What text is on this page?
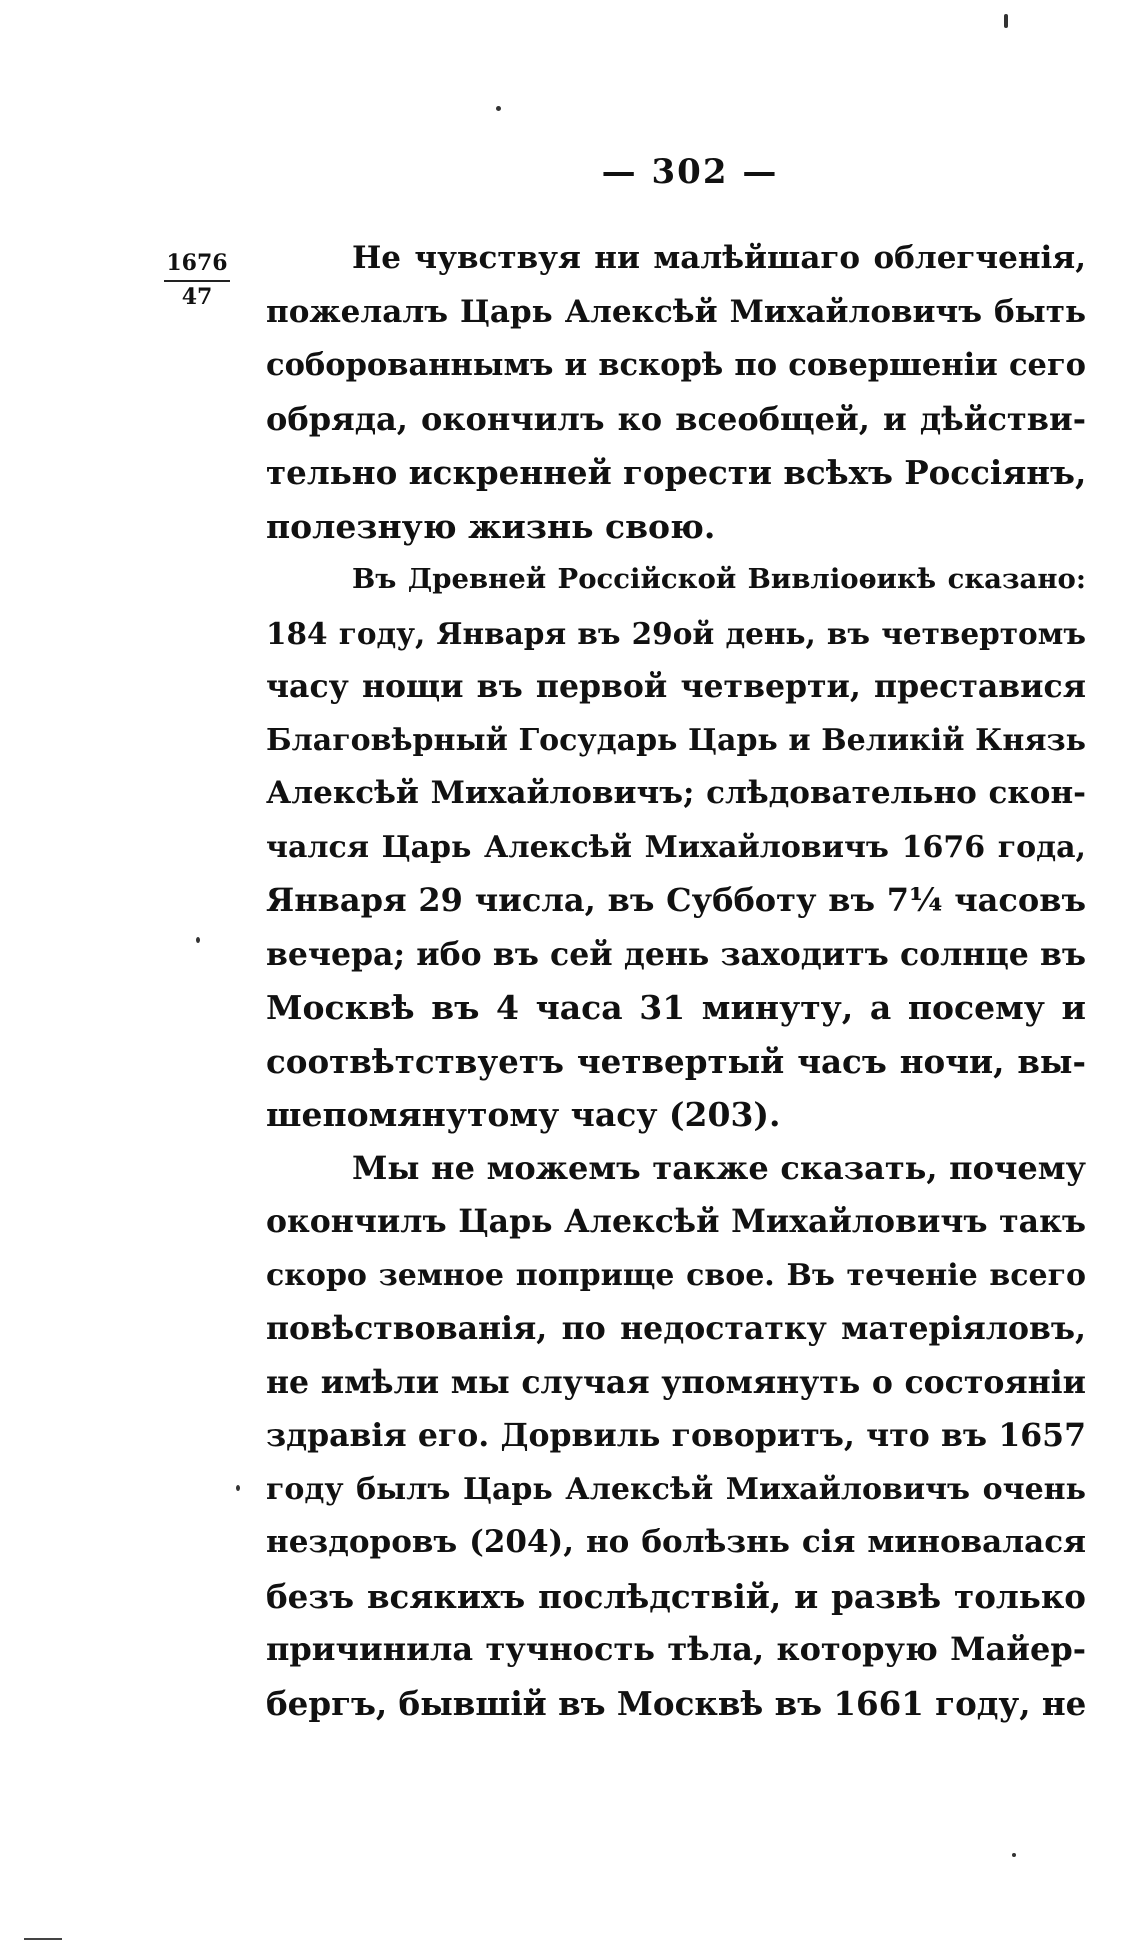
— 302 —
1676
47
Не чувствуя ни малѣйшаго облегченія,
пожелалъ Царь Алексѣй Михайловичъ быть
соборованнымъ и вскорѣ по совершеніи сего
обряда, окончилъ ко всеобщей, и дѣйстви-
тельно искренней горести всѣхъ Россіянъ,
полезную жизнь свою.
Въ Древней Россійской Вивліоѳикѣ сказано:
184 году, Января въ 29ой день, въ четвертомъ
часу нощи въ первой четверти, преставися
Благовѣрный Государь Царь и Великій Князь
Алексѣй Михайловичъ; слѣдовательно скон-
чался Царь Алексѣй Михайловичъ 1676 года,
Января 29 числа, въ Субботу въ 7¼ часовъ
вечера; ибо въ сей день заходитъ солнце въ
Москвѣ въ 4 часа 31 минуту, а посему и
соотвѣтствуетъ четвертый часъ ночи, вы-
шепомянутому часу (203).
Мы не можемъ также сказать, почему
окончилъ Царь Алексѣй Михайловичъ такъ
скоро земное поприще свое. Въ теченіе всего
повѣствованія, по недостатку матеріяловъ,
не имѣли мы случая упомянуть о состояніи
здравія его. Дорвиль говоритъ, что въ 1657
году былъ Царь Алексѣй Михайловичъ очень
нездоровъ (204), но болѣзнь сія миновалася
безъ всякихъ послѣдствій, и развѣ только
причинила тучность тѣла, которую Майер-
бергъ, бывшій въ Москвѣ въ 1661 году, не
